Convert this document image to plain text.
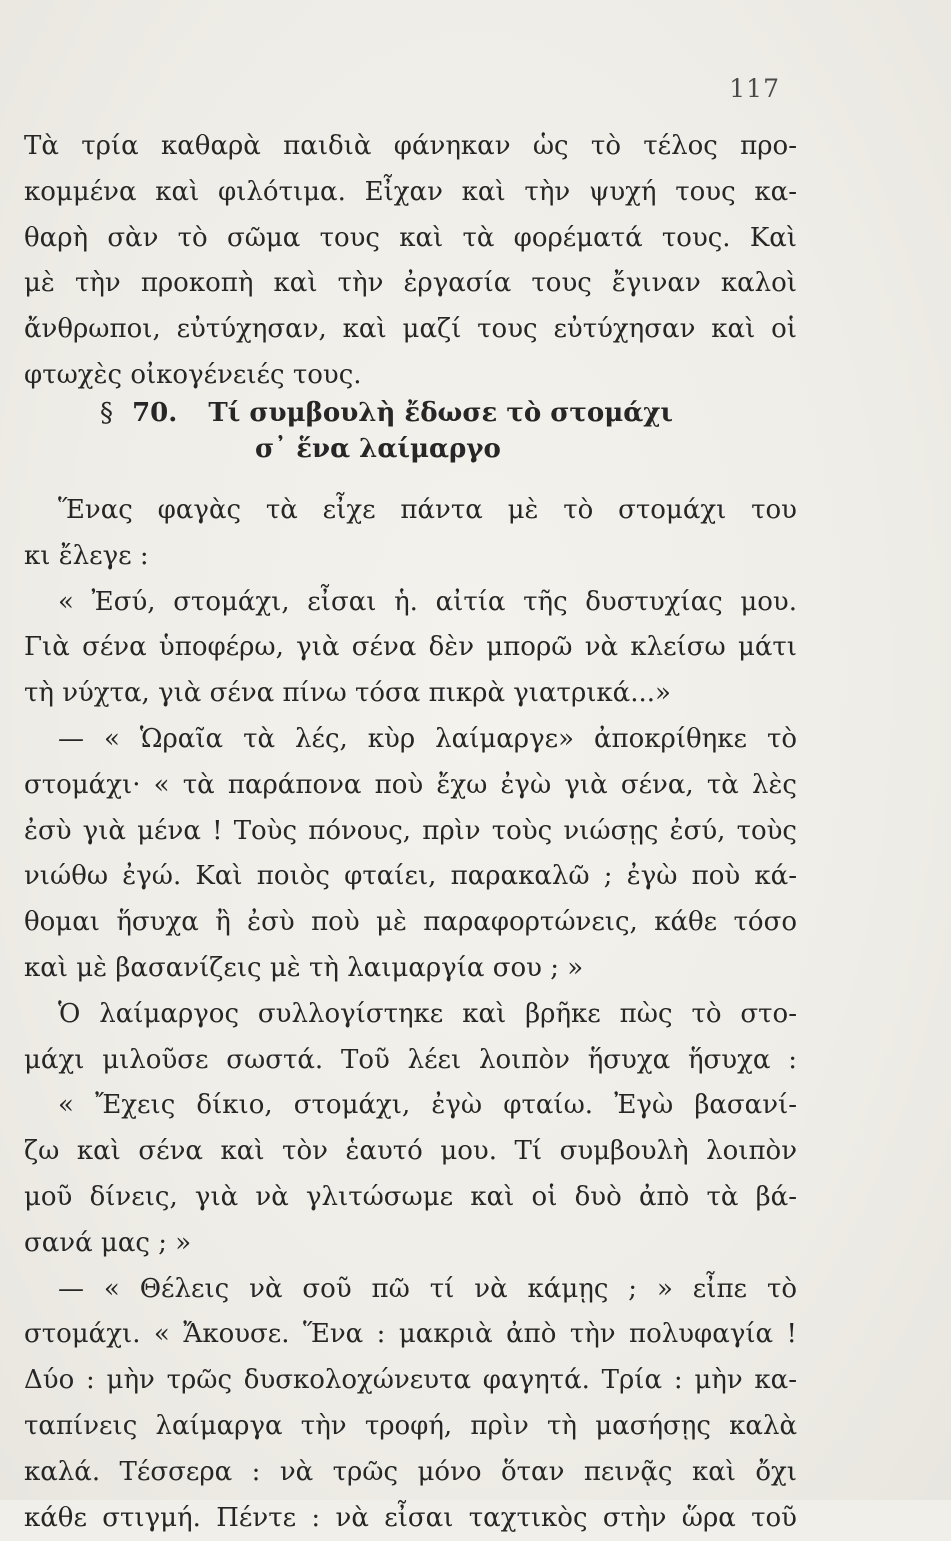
117
Τὰ τρία καθαρὰ παιδιὰ φάνηκαν ὡς τὸ τέλος προ-
κομμένα καὶ φιλότιμα. Εἶχαν καὶ τὴν ψυχή τους κα-
θαρὴ σὰν τὸ σῶμα τους καὶ τὰ φορέματά τους. Καὶ
μὲ τὴν προκοπὴ καὶ τὴν ἐργασία τους ἔγιναν καλοὶ
ἄνθρωποι, εὐτύχησαν, καὶ μαζί τους εὐτύχησαν καὶ οἱ
φτωχὲς οἰκογένειές τους.
§ 70. Τί συμβουλὴ ἔδωσε τὸ στομάχι
σ᾿ ἕνα λαίμαργο
Ἕνας φαγὰς τὰ εἶχε πάντα μὲ τὸ στομάχι του
κι ἔλεγε :
« Ἐσύ, στομάχι, εἶσαι ἡ. αἰτία τῆς δυστυχίας μου.
Γιὰ σένα ὑποφέρω, γιὰ σένα δὲν μπορῶ νὰ κλείσω μάτι
τὴ νύχτα, γιὰ σένα πίνω τόσα πικρὰ γιατρικά...»
— « Ὡραῖα τὰ λές, κὺρ λαίμαργε» ἀποκρίθηκε τὸ
στομάχι· « τὰ παράπονα ποὺ ἔχω ἐγὼ γιὰ σένα, τὰ λὲς
ἐσὺ γιὰ μένα ! Τοὺς πόνους, πρὶν τοὺς νιώσῃς ἐσύ, τοὺς
νιώθω ἐγώ. Καὶ ποιὸς φταίει, παρακαλῶ ; ἐγὼ ποὺ κά-
θομαι ἥσυχα ἢ ἐσὺ ποὺ μὲ παραφορτώνεις, κάθε τόσο
καὶ μὲ βασανίζεις μὲ τὴ λαιμαργία σου ; »
Ὁ λαίμαργος συλλογίστηκε καὶ βρῆκε πὼς τὸ στο-
μάχι μιλοῦσε σωστά. Τοῦ λέει λοιπὸν ἥσυχα ἥσυχα :
« Ἔχεις δίκιο, στομάχι, ἐγὼ φταίω. Ἐγὼ βασανί-
ζω καὶ σένα καὶ τὸν ἑαυτό μου. Τί συμβουλὴ λοιπὸν
μοῦ δίνεις, γιὰ νὰ γλιτώσωμε καὶ οἱ δυὸ ἀπὸ τὰ βά-
σανά μας ; »
— « Θέλεις νὰ σοῦ πῶ τί νὰ κάμῃς ; » εἶπε τὸ
στομάχι. « Ἄκουσε. Ἕνα : μακριὰ ἀπὸ τὴν πολυφαγία !
Δύο : μὴν τρῶς δυσκολοχώνευτα φαγητά. Τρία : μὴν κα-
ταπίνεις λαίμαργα τὴν τροφή, πρὶν τὴ μασήσῃς καλὰ
καλά. Τέσσερα : νὰ τρῶς μόνο ὅταν πεινᾷς καὶ ὄχι
κάθε στιγμή. Πέντε : νὰ εἶσαι ταχτικὸς στὴν ὥρα τοῦ
